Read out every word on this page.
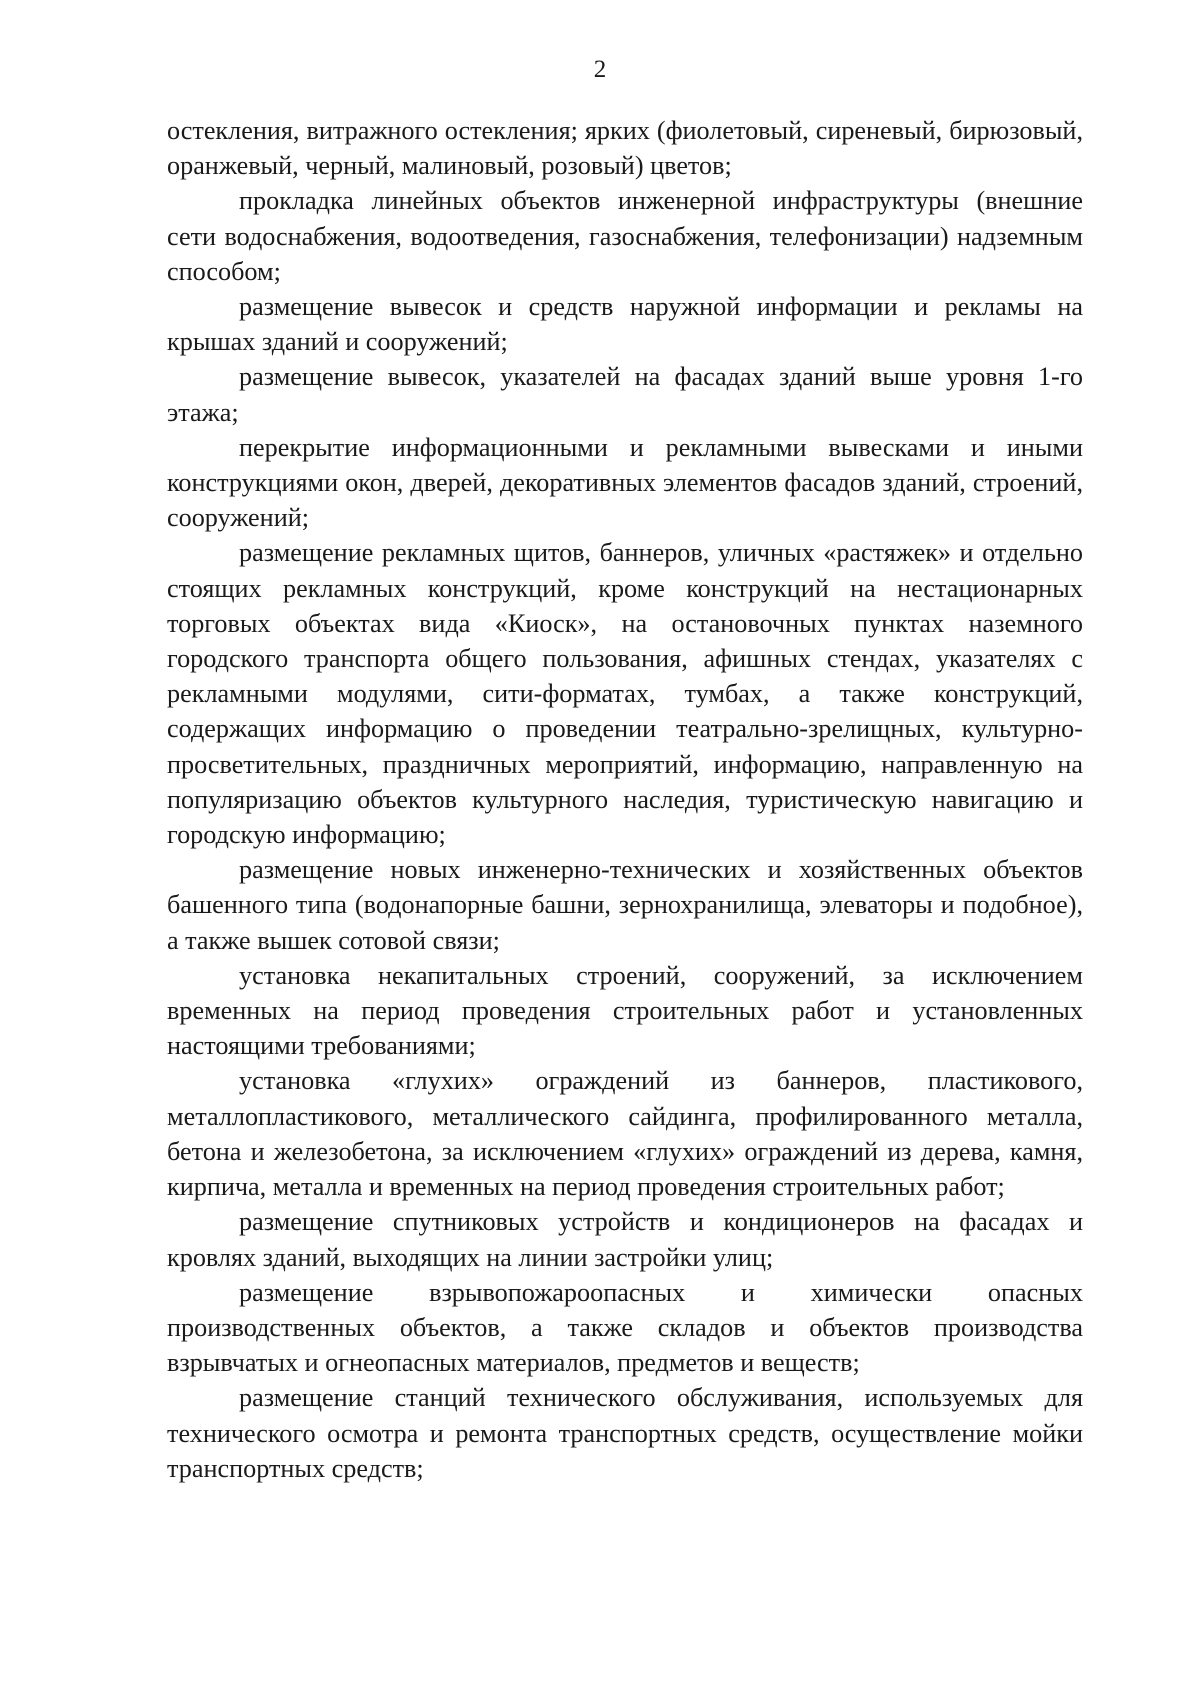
2

остекления, витражного остекления; ярких (фиолетовый, сиреневый, бирюзовый, оранжевый, черный, малиновый, розовый) цветов;

прокладка линейных объектов инженерной инфраструктуры (внешние сети водоснабжения, водоотведения, газоснабжения, телефонизации) надземным способом;

размещение вывесок и средств наружной информации и рекламы на крышах зданий и сооружений;

размещение вывесок, указателей на фасадах зданий выше уровня 1-го этажа;

перекрытие информационными и рекламными вывесками и иными конструкциями окон, дверей, декоративных элементов фасадов зданий, строений, сооружений;

размещение рекламных щитов, баннеров, уличных «растяжек» и отдельно стоящих рекламных конструкций, кроме конструкций на нестационарных торговых объектах вида «Киоск», на остановочных пунктах наземного городского транспорта общего пользования, афишных стендах, указателях с рекламными модулями, сити-форматах, тумбах, а также конструкций, содержащих информацию о проведении театрально-зрелищных, культурно-просветительных, праздничных мероприятий, информацию, направленную на популяризацию объектов культурного наследия, туристическую навигацию и городскую информацию;

размещение новых инженерно-технических и хозяйственных объектов башенного типа (водонапорные башни, зернохранилища, элеваторы и подобное), а также вышек сотовой связи;

установка некапитальных строений, сооружений, за исключением временных на период проведения строительных работ и установленных настоящими требованиями;

установка «глухих» ограждений из баннеров, пластикового, металлопластикового, металлического сайдинга, профилированного металла, бетона и железобетона, за исключением «глухих» ограждений из дерева, камня, кирпича, металла и временных на период проведения строительных работ;

размещение спутниковых устройств и кондиционеров на фасадах и кровлях зданий, выходящих на линии застройки улиц;

размещение взрывопожароопасных и химически опасных производственных объектов, а также складов и объектов производства взрывчатых и огнеопасных материалов, предметов и веществ;

размещение станций технического обслуживания, используемых для технического осмотра и ремонта транспортных средств, осуществление мойки транспортных средств;
